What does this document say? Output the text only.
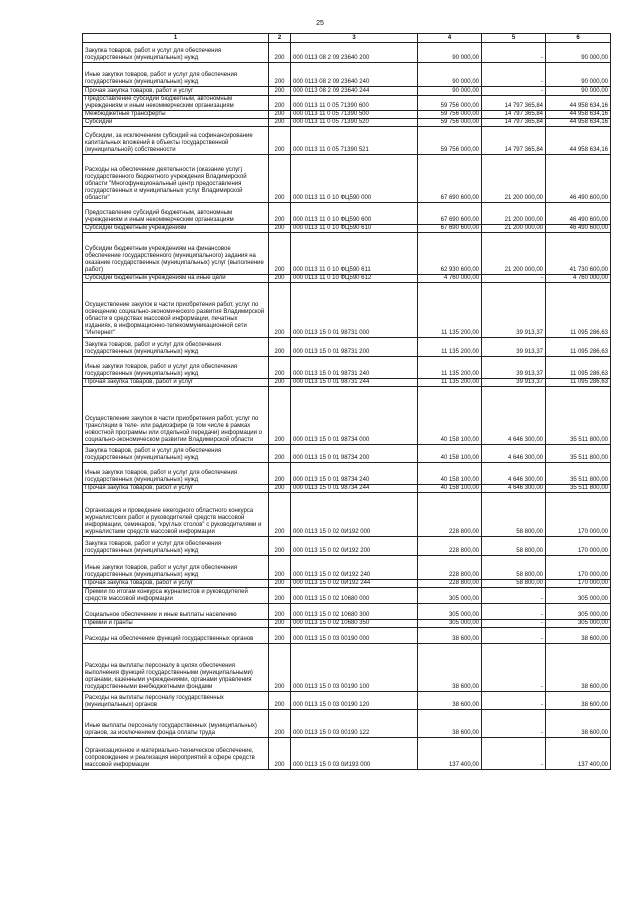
25
1	2	3	4	5	6
Закупка товаров, работ и услуг для обеспечения государственных (муниципальных) нужд	200	000 0113 08 2 09 23640 200	90 000,00	-	90 000,00
Иные закупки товаров, работ и услуг для обеспечения государственных (муниципальных) нужд	200	000 0113 08 2 09 23640 240	90 000,00	-	90 000,00
Прочая закупка товаров, работ и услуг	200	000 0113 08 2 09 23640 244	90 000,00	-	90 000,00
Предоставление субсидий бюджетным, автономным учреждениям и иным некоммерческим организациям	200	000 0113 11 0 05 71390 600	59 756 000,00	14 797 365,84	44 958 634,16
Межбюджетные трансферты	200	000 0113 11 0 05 71390 500	59 756 000,00	14 797 365,84	44 958 634,16
Субсидии	200	000 0113 11 0 05 71390 520	59 756 000,00	14 797 365,84	44 958 634,16
Субсидии, за исключением субсидий на софинансирование капитальных вложений в объекты государственной (муниципальной) собственности	200	000 0113 11 0 05 71390 521	59 756 000,00	14 797 365,84	44 958 634,16
Расходы на обеспечение деятельности (оказание услуг) государственного бюджетного учреждения Владимирской области "Многофункциональный центр предоставления государственных и муниципальных услуг Владимирской области"	200	000 0113 11 0 10 ФЦ590 000	67 690 600,00	21 200 000,00	46 490 600,00
Предоставление субсидий бюджетным, автономным учреждениям и иным некоммерческим организациям	200	000 0113 11 0 10 ФЦ590 600	67 690 600,00	21 200 000,00	46 490 600,00
Субсидии бюджетным учреждениям	200	000 0113 11 0 10 ФЦ590 610	67 690 600,00	21 200 000,00	46 490 600,00
Субсидии бюджетным учреждениям на финансовое обеспечение государственного (муниципального) задания на оказание государственных (муниципальных) услуг (выполнение работ)	200	000 0113 11 0 10 ФЦ590 611	62 930 600,00	21 200 000,00	41 730 600,00
Субсидии бюджетным учреждениям на иные цели	200	000 0113 11 0 10 ФЦ590 612	4 760 000,00	-	4 760 000,00
Осуществление закупок в части приобретения работ, услуг по освещению социально-экономического развития Владимирской области в средствах массовой информации, печатных изданиях, в информационно-телекоммуникационной сети "Интернет"	200	000 0113 15 0 01 98731 000	11 135 200,00	39 913,37	11 095 286,63
Закупка товаров, работ и услуг для обеспечения государственных (муниципальных) нужд	200	000 0113 15 0 01 98731 200	11 135 200,00	39 913,37	11 095 286,63
Иные закупки товаров, работ и услуг для обеспечения государственных (муниципальных) нужд	200	000 0113 15 0 01 98731 240	11 135 200,00	39 913,37	11 095 286,63
Прочая закупка товаров, работ и услуг	200	000 0113 15 0 01 98731 244	11 135 200,00	39 913,37	11 095 286,63
Осуществление закупок в части приобретения работ, услуг по трансляции в теле- или радиоэфире (в том числе в рамках новостной программы или отдельной передачи) информации о социально-экономическом развитии Владимирской области	200	000 0113 15 0 01 98734 000	40 158 100,00	4 646 300,00	35 511 800,00
Закупка товаров, работ и услуг для обеспечения государственных (муниципальных) нужд	200	000 0113 15 0 01 98734 200	40 158 100,00	4 646 300,00	35 511 800,00
Иные закупки товаров, работ и услуг для обеспечения государственных (муниципальных) нужд	200	000 0113 15 0 01 98734 240	40 158 100,00	4 646 300,00	35 511 800,00
Прочая закупка товаров, работ и услуг	200	000 0113 15 0 01 98734 244	40 158 100,00	4 646 300,00	35 511 800,00
Организация и проведение ежегодного областного конкурса журналистских работ и руководителей средств массовой информации, семинаров, "круглых столов" с руководителями и журналистами средств массовой информации	200	000 0113 15 0 02 0И192 000	228 800,00	58 800,00	170 000,00
Закупка товаров, работ и услуг для обеспечения государственных (муниципальных) нужд	200	000 0113 15 0 02 0И192 200	228 800,00	58 800,00	170 000,00
Иные закупки товаров, работ и услуг для обеспечения государственных (муниципальных) нужд	200	000 0113 15 0 02 0И192 240	228 800,00	58 800,00	170 000,00
Прочая закупка товаров, работ и услуг	200	000 0113 15 0 02 0И192 244	228 800,00	58 800,00	170 000,00
Премии по итогам конкурса журналистов и руководителей средств массовой информации	200	000 0113 15 0 02 10680 000	305 000,00	-	305 000,00
Социальное обеспечение и иные выплаты населению	200	000 0113 15 0 02 10680 300	305 000,00	-	305 000,00
Премии и гранты	200	000 0113 15 0 02 10680 350	305 000,00	-	305 000,00
Расходы на обеспечение функций государственных органов	200	000 0113 15 0 03 00190 000	38 600,00	-	38 600,00
Расходы на выплаты персоналу в целях обеспечения выполнения функций государственными (муниципальными) органами, казенными учреждениями, органами управления государственными внебюджетными фондами	200	000 0113 15 0 03 00190 100	38 600,00	-	38 600,00
Расходы на выплаты персоналу государственных (муниципальных) органов	200	000 0113 15 0 03 00190 120	38 600,00	-	38 600,00
Иные выплаты персоналу государственных (муниципальных) органов, за исключением фонда оплаты труда	200	000 0113 15 0 03 00190 122	38 600,00	-	38 600,00
Организационное и материально-техническое обеспечение, сопровождение и реализация мероприятий в сфере средств массовой информации	200	000 0113 15 0 03 0И193 000	137 400,00	-	137 400,00
